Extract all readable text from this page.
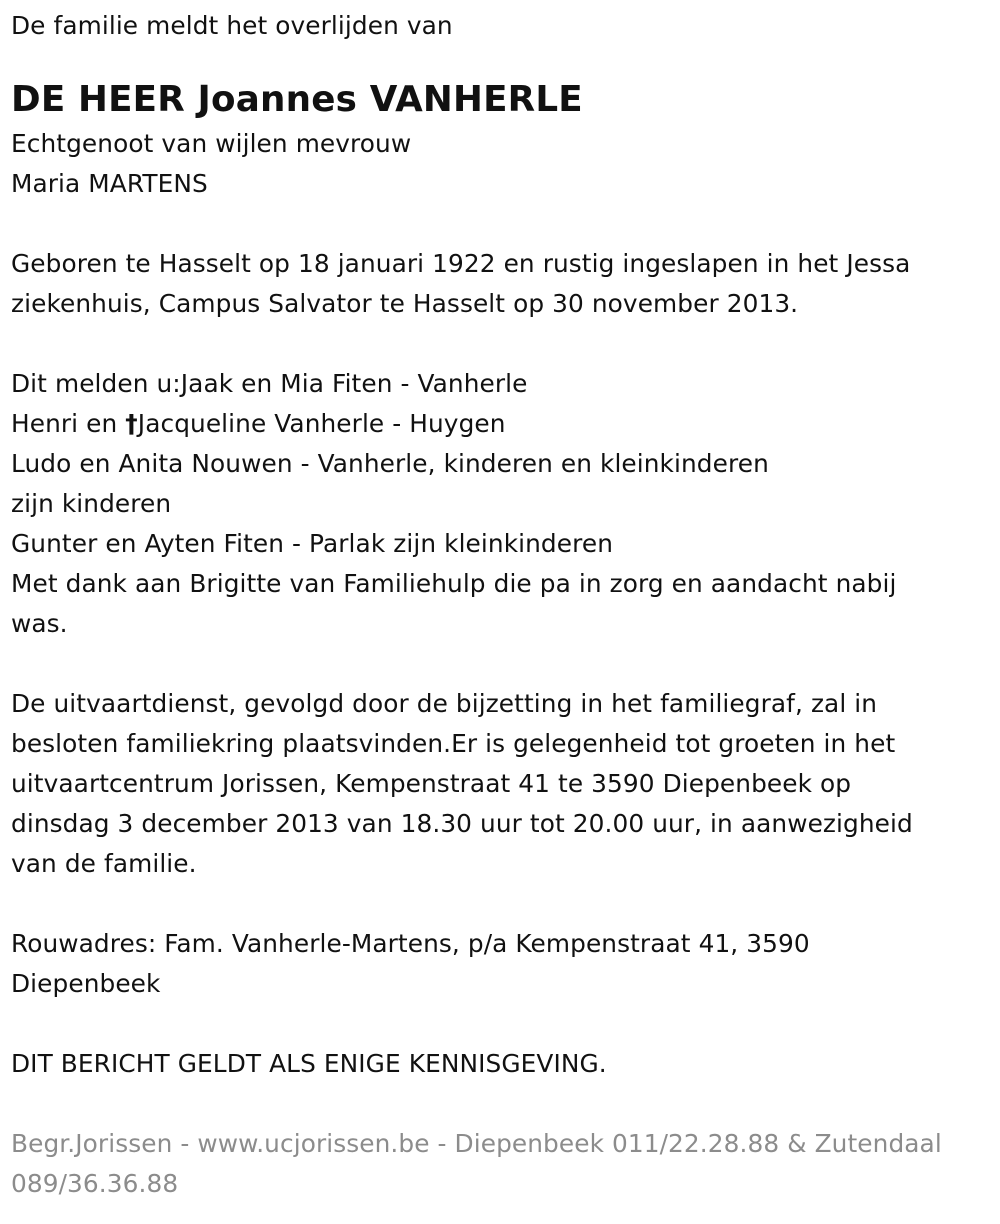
De familie meldt het overlijden van
DE HEER Joannes VANHERLE
Echtgenoot van wijlen mevrouw
Maria MARTENS
Geboren te Hasselt op 18 januari 1922 en rustig ingeslapen in het Jessa
ziekenhuis, Campus Salvator te Hasselt op 30 november 2013.
Dit melden u:Jaak en Mia Fiten - Vanherle
Henri en †Jacqueline Vanherle - Huygen
Ludo en Anita Nouwen - Vanherle, kinderen en kleinkinderen
zijn kinderen
Gunter en Ayten Fiten - Parlak zijn kleinkinderen
Met dank aan Brigitte van Familiehulp die pa in zorg en aandacht nabij
was.
De uitvaartdienst, gevolgd door de bijzetting in het familiegraf, zal in
besloten familiekring plaatsvinden.Er is gelegenheid tot groeten in het
uitvaartcentrum Jorissen, Kempenstraat 41 te 3590 Diepenbeek op
dinsdag 3 december 2013 van 18.30 uur tot 20.00 uur, in aanwezigheid
van de familie.
Rouwadres: Fam. Vanherle-Martens, p/a Kempenstraat 41, 3590
Diepenbeek
DIT BERICHT GELDT ALS ENIGE KENNISGEVING.
Begr.Jorissen - www.ucjorissen.be - Diepenbeek 011/22.28.88 & Zutendaal
089/36.36.88
